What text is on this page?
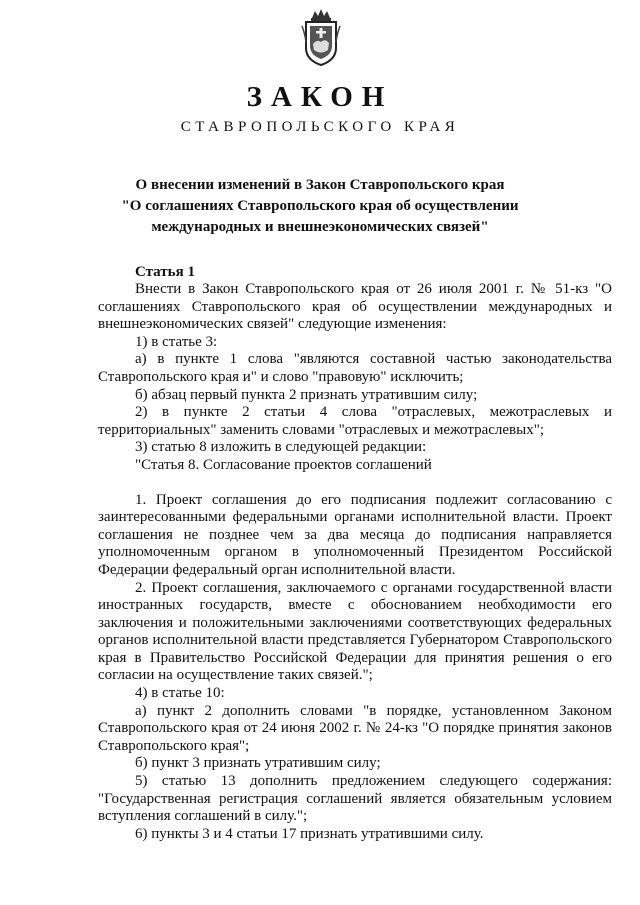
ЗАКОН
СТАВРОПОЛЬСКОГО КРАЯ
О внесении изменений в Закон Ставропольского края
"О соглашениях Ставропольского края об осуществлении
международных и внешнеэкономических связей"

Статья 1

Внести в Закон Ставропольского края от 26 июля 2001 г. № 51-кз "О соглашениях Ставропольского края об осуществлении международных и внешнеэкономических связей" следующие изменения:

1) в статье 3:

а) в пункте 1 слова "являются составной частью законодательства Ставропольского края и" и слово "правовую" исключить;

б) абзац первый пункта 2 признать утратившим силу;

2) в пункте 2 статьи 4 слова "отраслевых, межотраслевых и территориальных" заменить словами "отраслевых и межотраслевых";

3) статью 8 изложить в следующей редакции:

"Статья 8. Согласование проектов соглашений

1. Проект соглашения до его подписания подлежит согласованию с заинтересованными федеральными органами исполнительной власти. Проект соглашения не позднее чем за два месяца до подписания направляется уполномоченным органом в уполномоченный Президентом Российской Федерации федеральный орган исполнительной власти.

2. Проект соглашения, заключаемого с органами государственной власти иностранных государств, вместе с обоснованием необходимости его заключения и положительными заключениями соответствующих федеральных органов исполнительной власти представляется Губернатором Ставропольского края в Правительство Российской Федерации для принятия решения о его согласии на осуществление таких связей.";

4) в статье 10:

а) пункт 2 дополнить словами "в порядке, установленном Законом Ставропольского края от 24 июня 2002 г. № 24-кз "О порядке принятия законов Ставропольского края";

б) пункт 3 признать утратившим силу;

5) статью 13 дополнить предложением следующего содержания: "Государственная регистрация соглашений является обязательным условием вступления соглашений в силу.";

6) пункты 3 и 4 статьи 17 признать утратившими силу.
